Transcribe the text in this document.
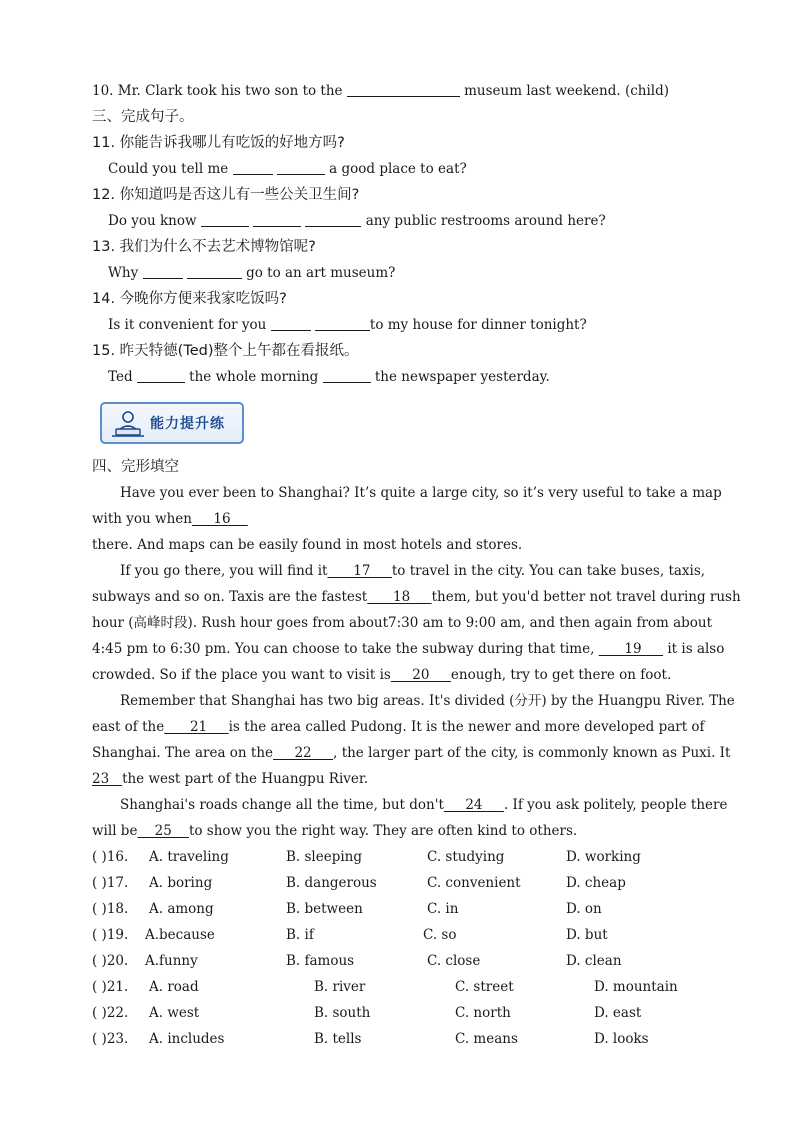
10. Mr. Clark took his two son to the	museum last weekend. (child)
三、完成句子。
11. 你能告诉我哪儿有吃饭的好地方吗?
Could you tell me	a good place to eat?
12. 你知道吗是否这儿有一些公关卫生间?
Do you know	any public restrooms around here?
13. 我们为什么不去艺术博物馆呢?
Why	go to an art museum?
14. 今晚你方便来我家吃饭吗?
Is it convenient for you	to my house for dinner tonight?
15. 昨天特德(Ted)整个上午都在看报纸。
Ted	the whole morning	the newspaper yesterday.
能力提升练
四、完形填空
Have you ever been to Shanghai? It’s quite a large city, so it’s very useful to take a map
with you when     16
there. And maps can be easily found in most hotels and stores.
If you go there, you will find it      17     to travel in the city. You can take buses, taxis,
subways and so on. Taxis are the fastest      18     them, but you'd better not travel during rush
hour (高峰时段). Rush hour goes from about7:30 am to 9:00 am, and then again from about
4:45 pm to 6:30 pm. You can choose to take the subway during that time,       19      it is also
crowded. So if the place you want to visit is     20     enough, try to get there on foot.
Remember that Shanghai has two big areas. It's divided (分开) by the Huangpu River. The
east of the      21     is the area called Pudong. It is the newer and more developed part of
Shanghai. The area on the     22     , the larger part of the city, is commonly known as Puxi. It
23   the west part of the Huangpu River.
Shanghai's roads change all the time, but don't     24     . If you ask politely, people there
will be    25    to show you the right way. They are often kind to others.
( )16.	A. traveling	B. sleeping	C. studying	D. working
( )17.	A. boring	B. dangerous	C. convenient	D. cheap
( )18.	A. among	B. between	C. in	D. on
( )19.	A.because	B. if	C. so	D. but
( )20.	A.funny	B. famous	C. close	D. clean
( )21.	A. road	B. river	C. street	D. mountain
( )22.	A. west	B. south	C. north	D. east
( )23.	A. includes	B. tells	C. means	D. looks
